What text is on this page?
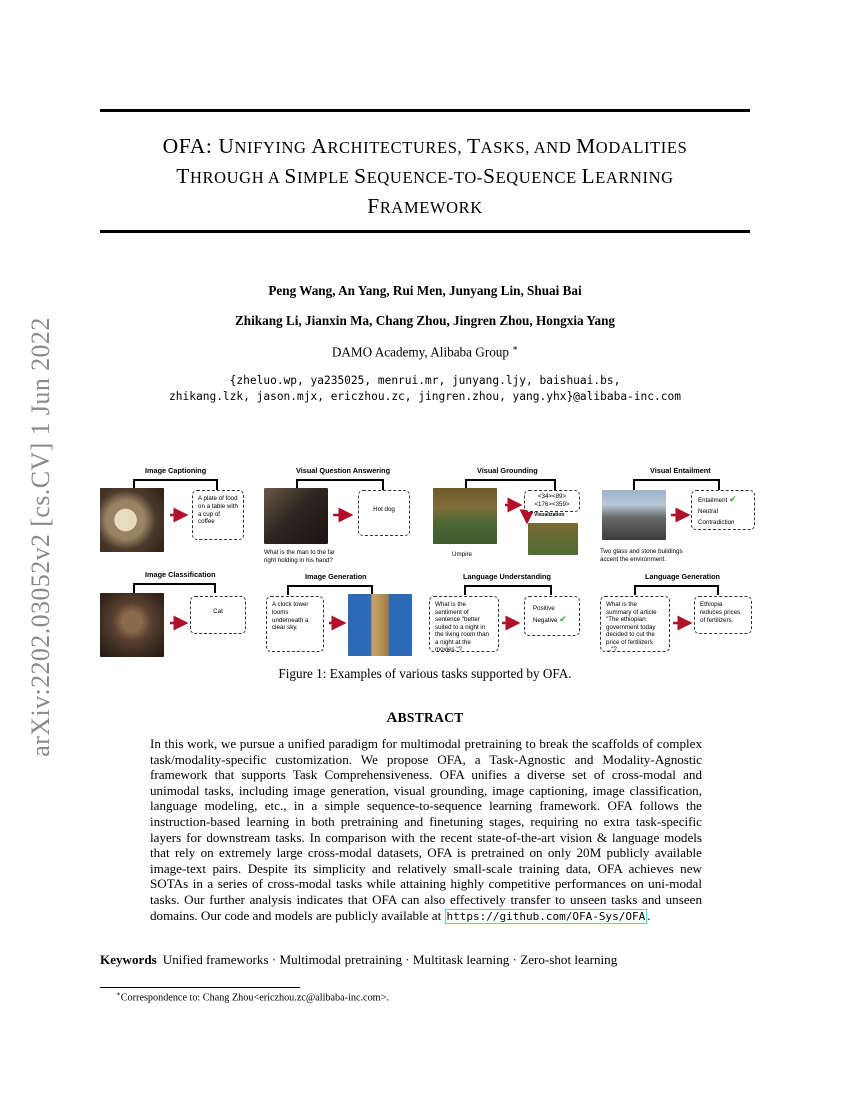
arXiv:2202.03052v2 [cs.CV] 1 Jun 2022
OFA: UNIFYING ARCHITECTURES, TASKS, AND MODALITIES
THROUGH A SIMPLE SEQUENCE-TO-SEQUENCE LEARNING
FRAMEWORK
Peng Wang, An Yang, Rui Men, Junyang Lin, Shuai Bai
Zhikang Li, Jianxin Ma, Chang Zhou, Jingren Zhou, Hongxia Yang
DAMO Academy, Alibaba Group ∗
{zheluo.wp, ya235025, menrui.mr, junyang.ljy, baishuai.bs,
zhikang.lzk, jason.mjx, ericzhou.zc, jingren.zhou, yang.yhx}@alibaba-inc.com
Image Captioning	Visual Question Answering	Visual Grounding	Visual Entailment
A plate of food on a table with a cup of coffee
Hot dog
What is the man to the far right holding in his hand?
<34><89>
<176><359>
Visualization
Umpire
Entailment ✔
Neutral
Contradiction
Two glass and stone buildings accent the environment.
Image Classification	Image Generation	Language Understanding	Language Generation
Cat
A clock tower looms underneath a clear sky.
What is the sentiment of sentence "better suited to a night in the living room than a night at the movies."?
Positive
Negative ✔
What is the summary of article "The ethiopian government today decided to cut the price of fertilizers ..."?
Ethiopia reduces prices of fertilizers.
Figure 1: Examples of various tasks supported by OFA.
ABSTRACT
In this work, we pursue a unified paradigm for multimodal pretraining to break the scaffolds of complex task/modality-specific customization. We propose OFA, a Task-Agnostic and Modality-Agnostic framework that supports Task Comprehensiveness. OFA unifies a diverse set of cross-modal and unimodal tasks, including image generation, visual grounding, image captioning, image classification, language modeling, etc., in a simple sequence-to-sequence learning framework. OFA follows the instruction-based learning in both pretraining and finetuning stages, requiring no extra task-specific layers for downstream tasks. In comparison with the recent state-of-the-art vision & language models that rely on extremely large cross-modal datasets, OFA is pretrained on only 20M publicly available image-text pairs. Despite its simplicity and relatively small-scale training data, OFA achieves new SOTAs in a series of cross-modal tasks while attaining highly competitive performances on uni-modal tasks. Our further analysis indicates that OFA can also effectively transfer to unseen tasks and unseen domains. Our code and models are publicly available at https://github.com/OFA-Sys/OFA .
Keywords Unified frameworks · Multimodal pretraining · Multitask learning · Zero-shot learning
∗Correspondence to: Chang Zhou<ericzhou.zc@alibaba-inc.com>.
